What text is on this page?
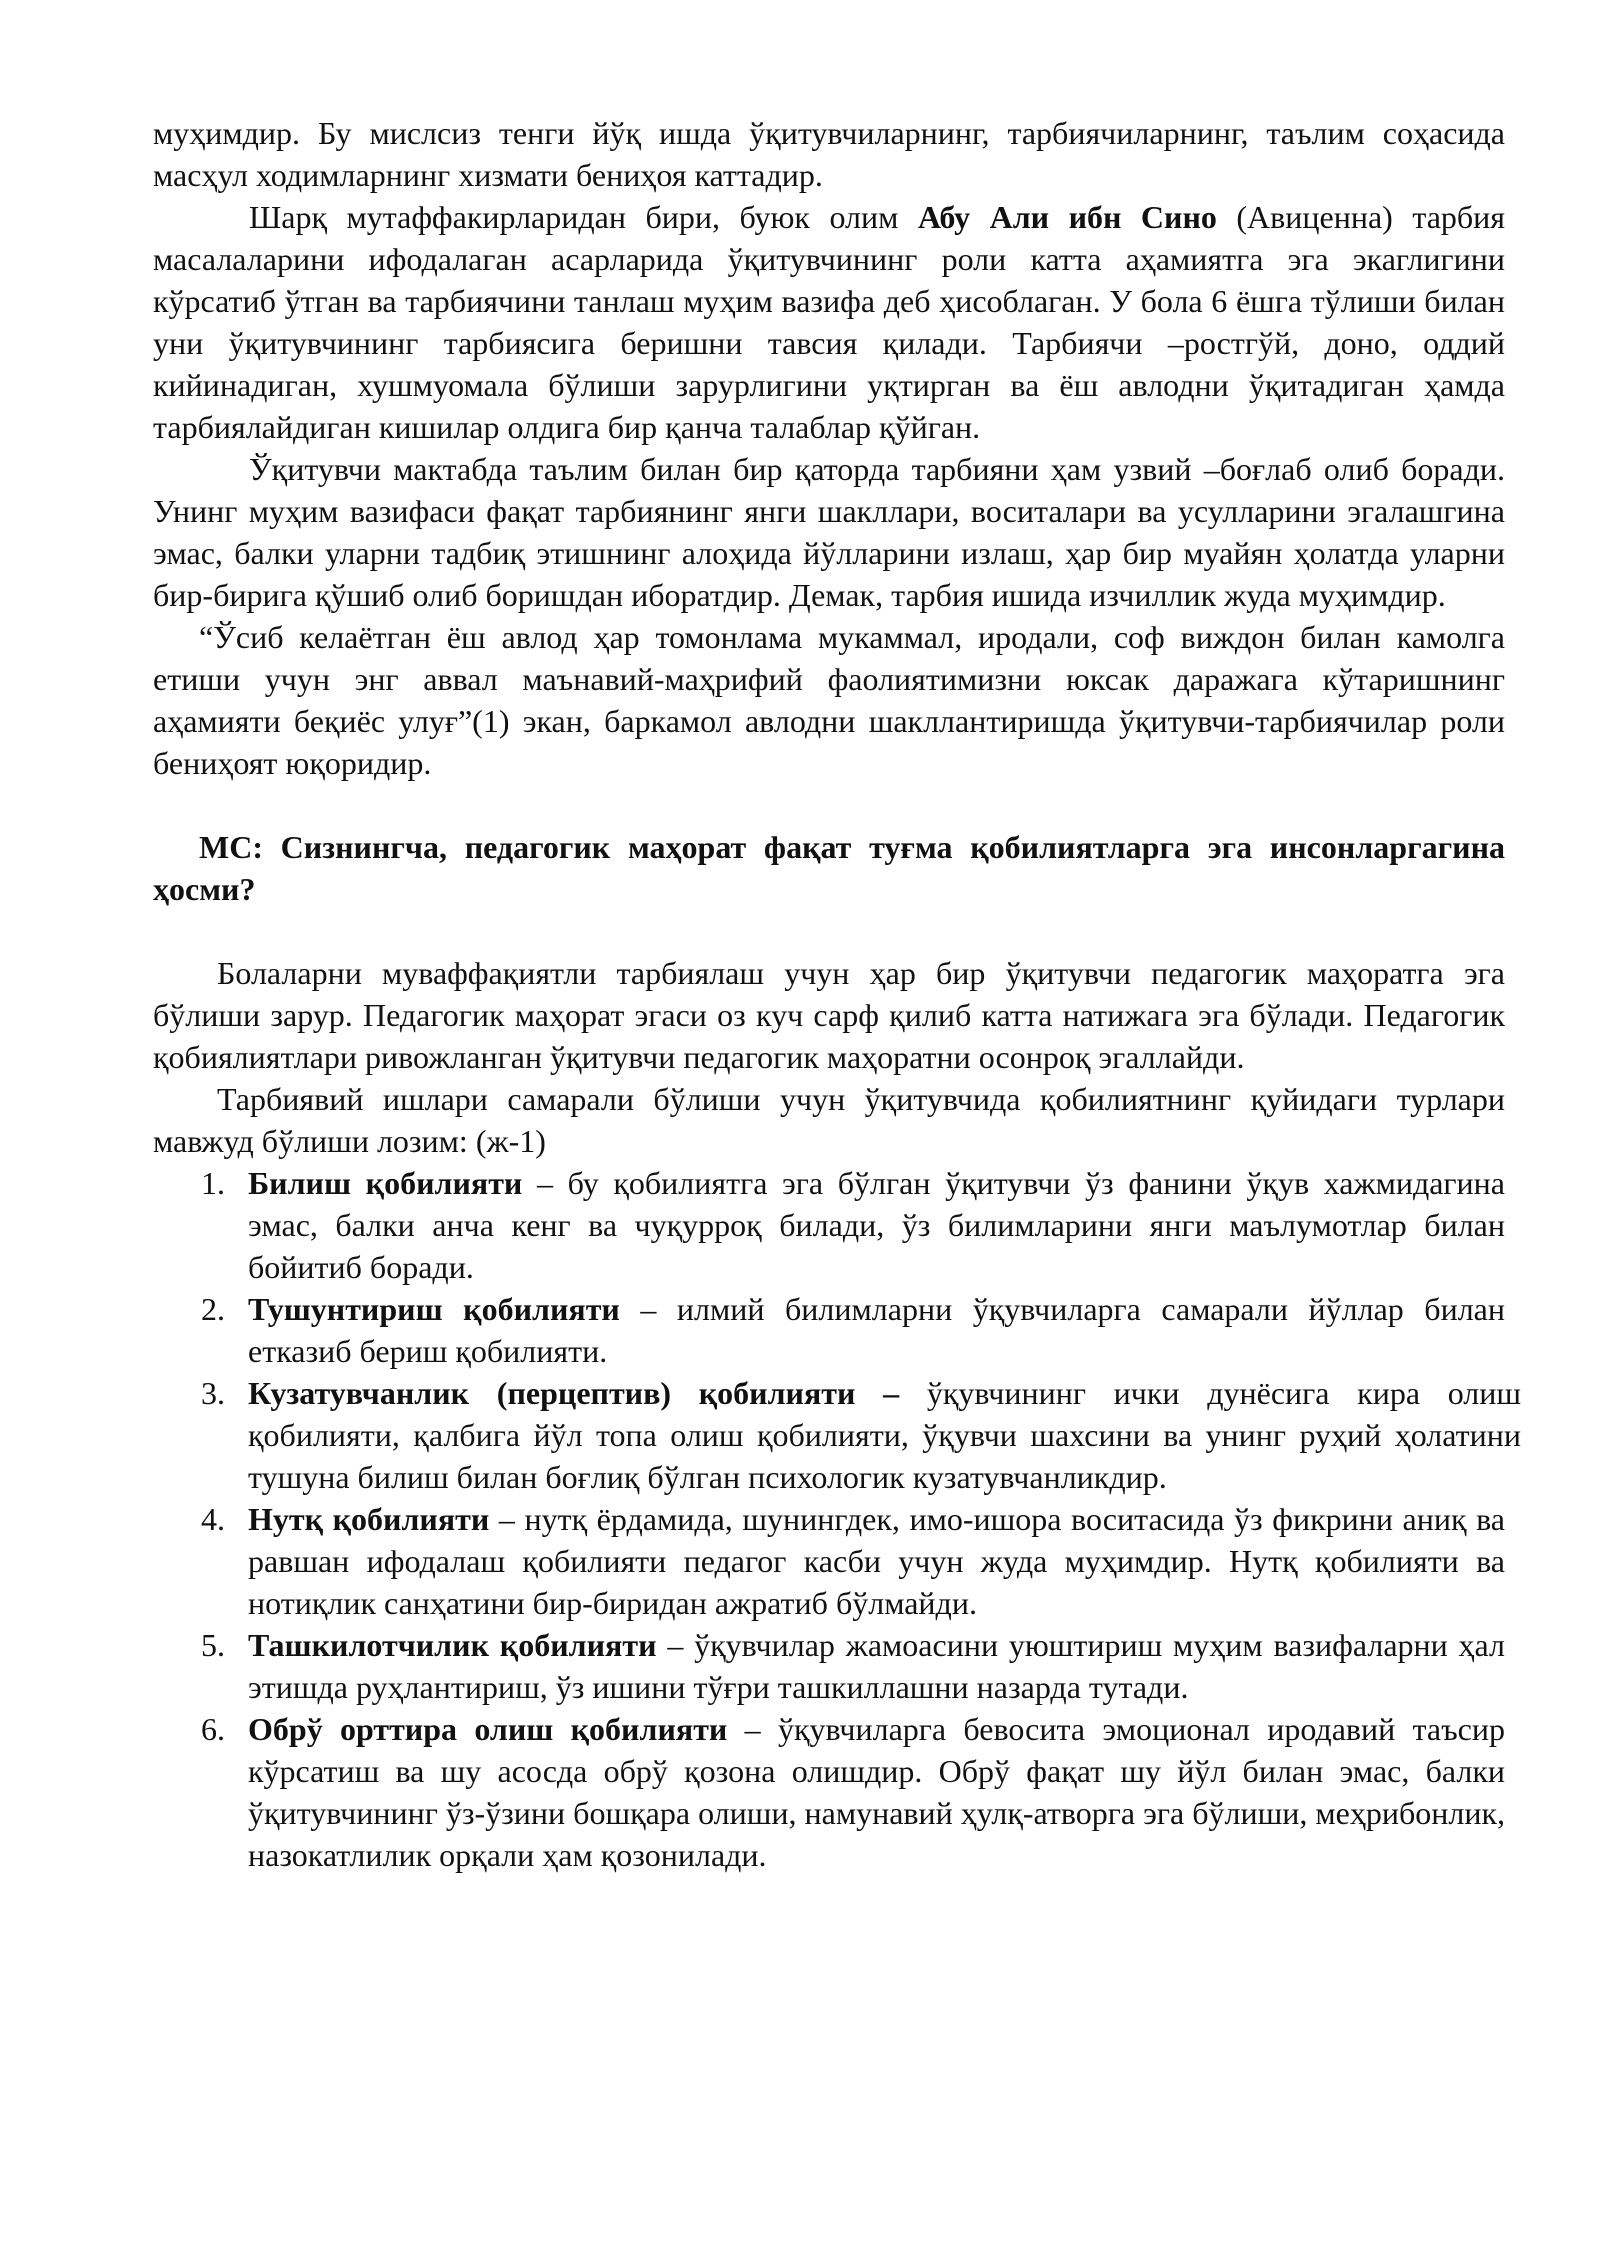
муҳимдир. Бу мислсиз тенги йўқ ишда ўқитувчиларнинг, тарбиячиларнинг, таълим соҳасида масҳул ходимларнинг хизмати бениҳоя каттадир.

Шарқ мутаффакирларидан бири, буюк олим Абу Али ибн Сино (Авиценна) тарбия масалаларини ифодалаган асарларида ўқитувчининг роли катта аҳамиятга эга экаглигини кўрсатиб ўтган ва тарбиячини танлаш муҳим вазифа деб ҳисоблаган. У бола 6 ёшга тўлиши билан уни ўқитувчининг тарбиясига беришни тавсия қилади. Тарбиячи –ростгўй, доно, оддий кийинадиган, хушмуомала бўлиши зарурлигини уқтирган ва ёш авлодни ўқитадиган ҳамда тарбиялайдиган кишилар олдига бир қанча талаблар қўйган.

Ўқитувчи мактабда таълим билан бир қаторда тарбияни ҳам узвий –боғлаб олиб боради. Унинг муҳим вазифаси фақат тарбиянинг янги шакллари, воситалари ва усулларини эгалашгина эмас, балки уларни тадбиқ этишнинг алоҳида йўлларини излаш, ҳар бир муайян ҳолатда уларни бир-бирига қўшиб олиб боришдан иборатдир. Демак, тарбия ишида изчиллик жуда муҳимдир.

“Ўсиб келаётган ёш авлод ҳар томонлама мукаммал, иродали, соф виждон билан камолга етиши учун энг аввал маънавий-маҳрифий фаолиятимизни юксак даражага кўтаришнинг аҳамияти беқиёс улуғ”(1) экан, баркамол авлодни шакллантиришда ўқитувчи-тарбиячилар роли бениҳоят юқоридир.

МС: Сизнингча, педагогик маҳорат фақат туғма қобилиятларга эга инсонларгагина ҳосми?

Болаларни муваффақиятли тарбиялаш учун ҳар бир ўқитувчи педагогик маҳоратга эга бўлиши зарур. Педагогик маҳорат эгаси оз куч сарф қилиб катта натижага эга бўлади. Педагогик қобиялиятлари ривожланган ўқитувчи педагогик маҳоратни осонроқ эгаллайди.

Тарбиявий ишлари самарали бўлиши учун ўқитувчида қобилиятнинг қуйидаги турлари мавжуд бўлиши лозим: (ж-1)

1. Билиш қобилияти – бу қобилиятга эга бўлган ўқитувчи ўз фанини ўқув хажмидагина эмас, балки анча кенг ва чуқурроқ билади, ўз билимларини янги маълумотлар билан бойитиб боради.
2. Тушунтириш қобилияти – илмий билимларни ўқувчиларга самарали йўллар билан етказиб бериш қобилияти.
3. Кузатувчанлик (перцептив) қобилияти – ўқувчининг ички дунёсига кира олиш қобилияти, қалбига йўл топа олиш қобилияти, ўқувчи шахсини ва унинг руҳий ҳолатини тушуна билиш билан боғлиқ бўлган психологик кузатувчанликдир.
4. Нутқ қобилияти – нутқ ёрдамида, шунингдек, имо-ишора воситасида ўз фикрини аниқ ва равшан ифодалаш қобилияти педагог касби учун жуда муҳимдир. Нутқ қобилияти ва нотиқлик санҳатини бир-биридан ажратиб бўлмайди.
5. Ташкилотчилик қобилияти – ўқувчилар жамоасини уюштириш муҳим вазифаларни ҳал этишда руҳлантириш, ўз ишини тўғри ташкиллашни назарда тутади.
6. Обрў орттира олиш қобилияти – ўқувчиларга бевосита эмоционал иродавий таъсир кўрсатиш ва шу асосда обрў қозона олишдир. Обрў фақат шу йўл билан эмас, балки ўқитувчининг ўз-ўзини бошқара олиши, намунавий ҳулқ-атворга эга бўлиши, меҳрибонлик, назокатлилик орқали ҳам қозонилади.
